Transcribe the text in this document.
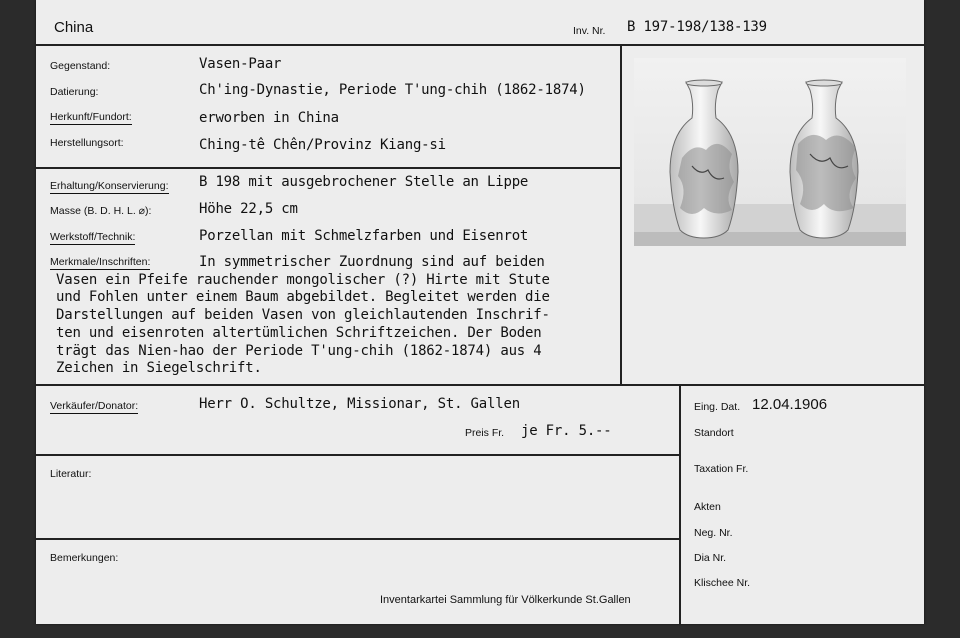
China	Inv. Nr. B 197-198/138-139
Gegenstand:	Vasen-Paar
Datierung:	Ch'ing-Dynastie, Periode T'ung-chih (1862-1874)
Herkunft/Fundort:	erworben in China
Herstellungsort:	Ching-tê Chên/Provinz Kiang-si
Erhaltung/Konservierung: B 198 mit ausgebrochener Stelle an Lippe
Masse (B. D. H. L. ⌀):	Höhe 22,5 cm
Werkstoff/Technik:	Porzellan mit Schmelzfarben und Eisenrot
Merkmale/Inschriften:	In symmetrischer Zuordnung sind auf beiden
Vasen ein Pfeife rauchender mongolischer (?) Hirte mit Stute
und Fohlen unter einem Baum abgebildet. Begleitet werden die
Darstellungen auf beiden Vasen von gleichlautenden Inschrif-
ten und eisenroten altertümlichen Schriftzeichen. Der Boden
trägt das Nien-hao der Periode T'ung-chih (1862-1874) aus 4
Zeichen in Siegelschrift.
Verkäufer/Donator:	Herr O. Schultze, Missionar, St. Gallen
Preis Fr. je Fr. 5.--
Literatur:
Bemerkungen:
Inventarkartei Sammlung für Völkerkunde St.Gallen
Eing. Dat. 12.04.1906
Standort
Taxation Fr.
Akten
Neg. Nr.
Dia Nr.
Klischee Nr.
